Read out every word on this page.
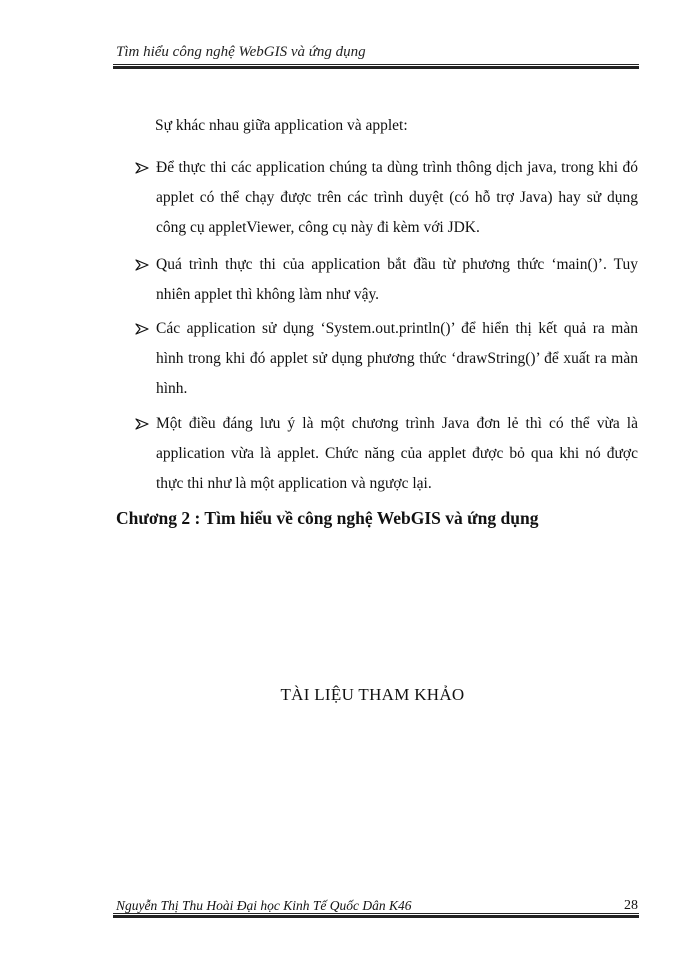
Tìm hiểu công nghệ WebGIS và ứng dụng
Sự khác nhau giữa application và applet:
Để thực thi các application chúng ta dùng trình thông dịch java, trong khi đó applet có thể chạy được trên các trình duyệt (có hỗ trợ Java) hay sử dụng công cụ appletViewer, công cụ này đi kèm với JDK.
Quá trình thực thi của application bắt đầu từ phương thức ‘main()’. Tuy nhiên applet thì không làm như vậy.
Các application sử dụng ‘System.out.println()’ để hiển thị kết quả ra màn hình trong khi đó applet sử dụng phương thức ‘drawString()’ để xuất ra màn hình.
Một điều đáng lưu ý là một chương trình Java đơn lẻ thì có thể vừa là application vừa là applet. Chức năng của applet được bỏ qua khi nó được thực thi như là một application và ngược lại.
Chương 2 : Tìm hiểu về công nghệ WebGIS và ứng dụng
TÀI LIỆU THAM KHẢO
Nguyễn Thị Thu Hoài Đại học Kinh Tế Quốc Dân K46	28
